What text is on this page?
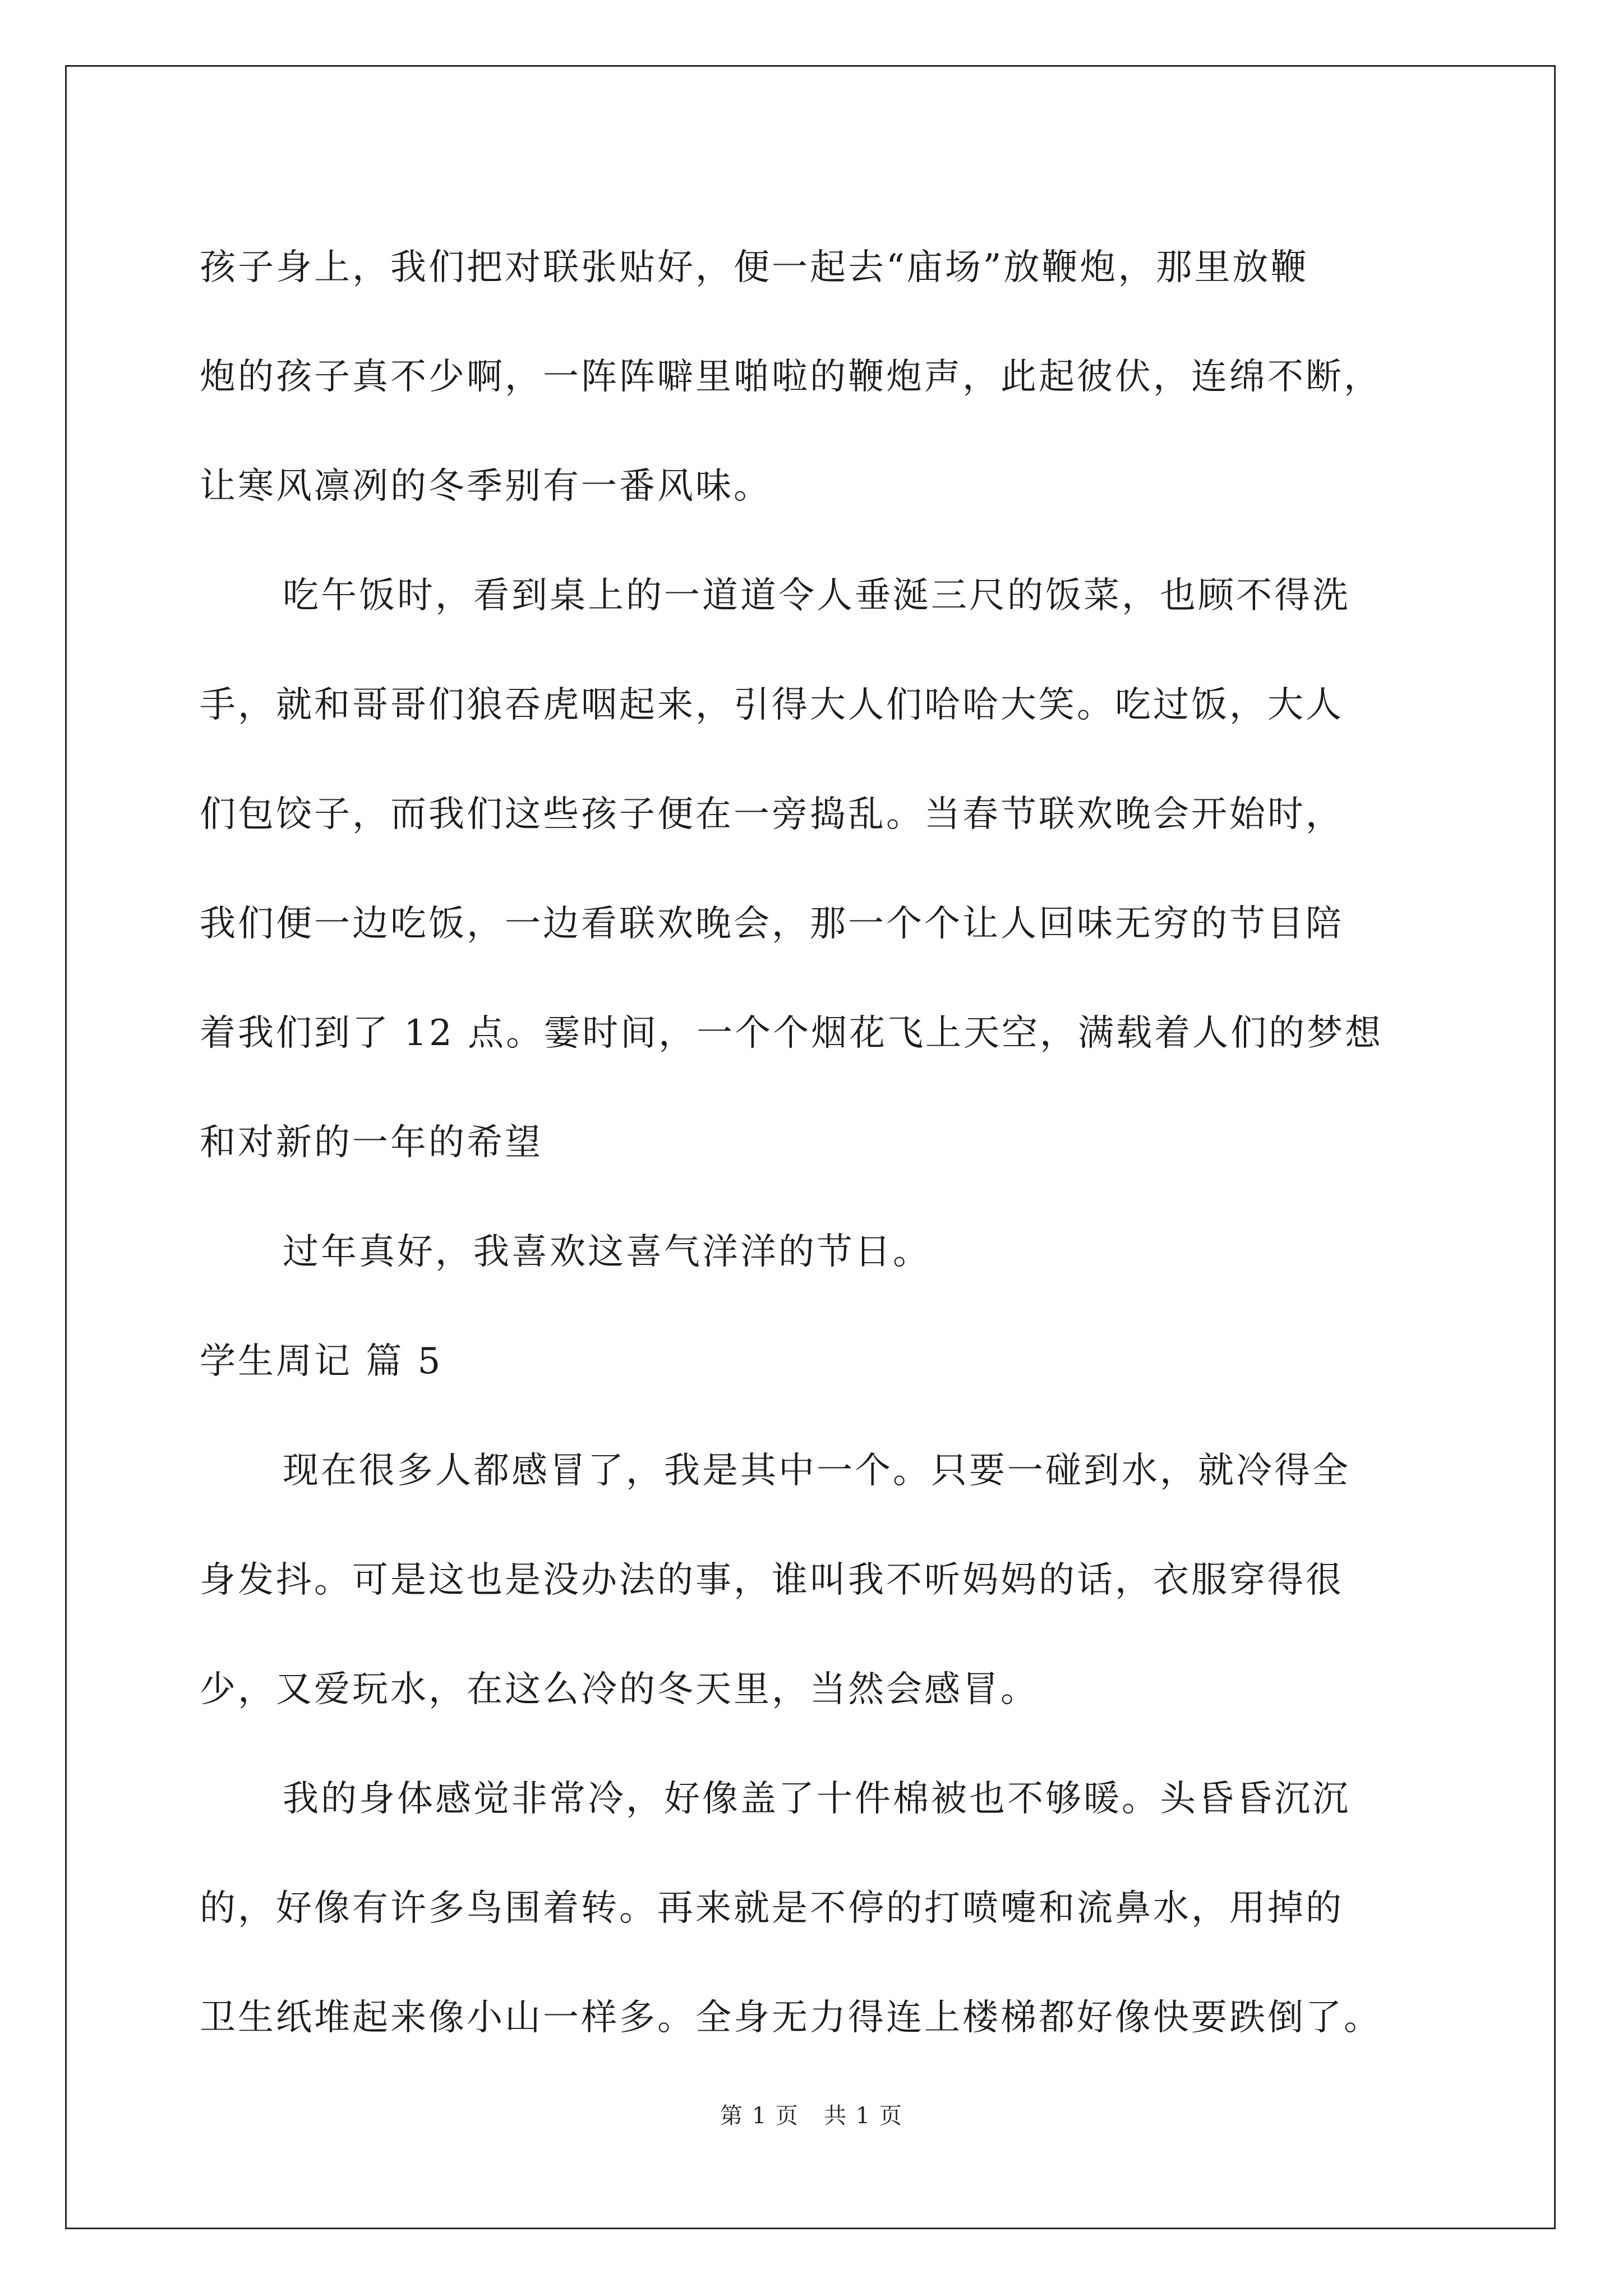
孩子身上，我们把对联张贴好，便一起去“庙场”放鞭炮，那里放鞭
炮的孩子真不少啊，一阵阵噼里啪啦的鞭炮声，此起彼伏，连绵不断，
让寒风凛冽的冬季别有一番风味。
吃午饭时，看到桌上的一道道令人垂涎三尺的饭菜，也顾不得洗
手，就和哥哥们狼吞虎咽起来，引得大人们哈哈大笑。吃过饭，大人
们包饺子，而我们这些孩子便在一旁捣乱。当春节联欢晚会开始时，
我们便一边吃饭，一边看联欢晚会，那一个个让人回味无穷的节目陪
着我们到了 12 点。霎时间，一个个烟花飞上天空，满载着人们的梦想
和对新的一年的希望
过年真好，我喜欢这喜气洋洋的节日。
学生周记 篇 5
现在很多人都感冒了，我是其中一个。只要一碰到水，就冷得全
身发抖。可是这也是没办法的事，谁叫我不听妈妈的话，衣服穿得很
少，又爱玩水，在这么冷的冬天里，当然会感冒。
我的身体感觉非常冷，好像盖了十件棉被也不够暖。头昏昏沉沉
的，好像有许多鸟围着转。再来就是不停的打喷嚏和流鼻水，用掉的
卫生纸堆起来像小山一样多。全身无力得连上楼梯都好像快要跌倒了。
第 1 页   共 1 页
